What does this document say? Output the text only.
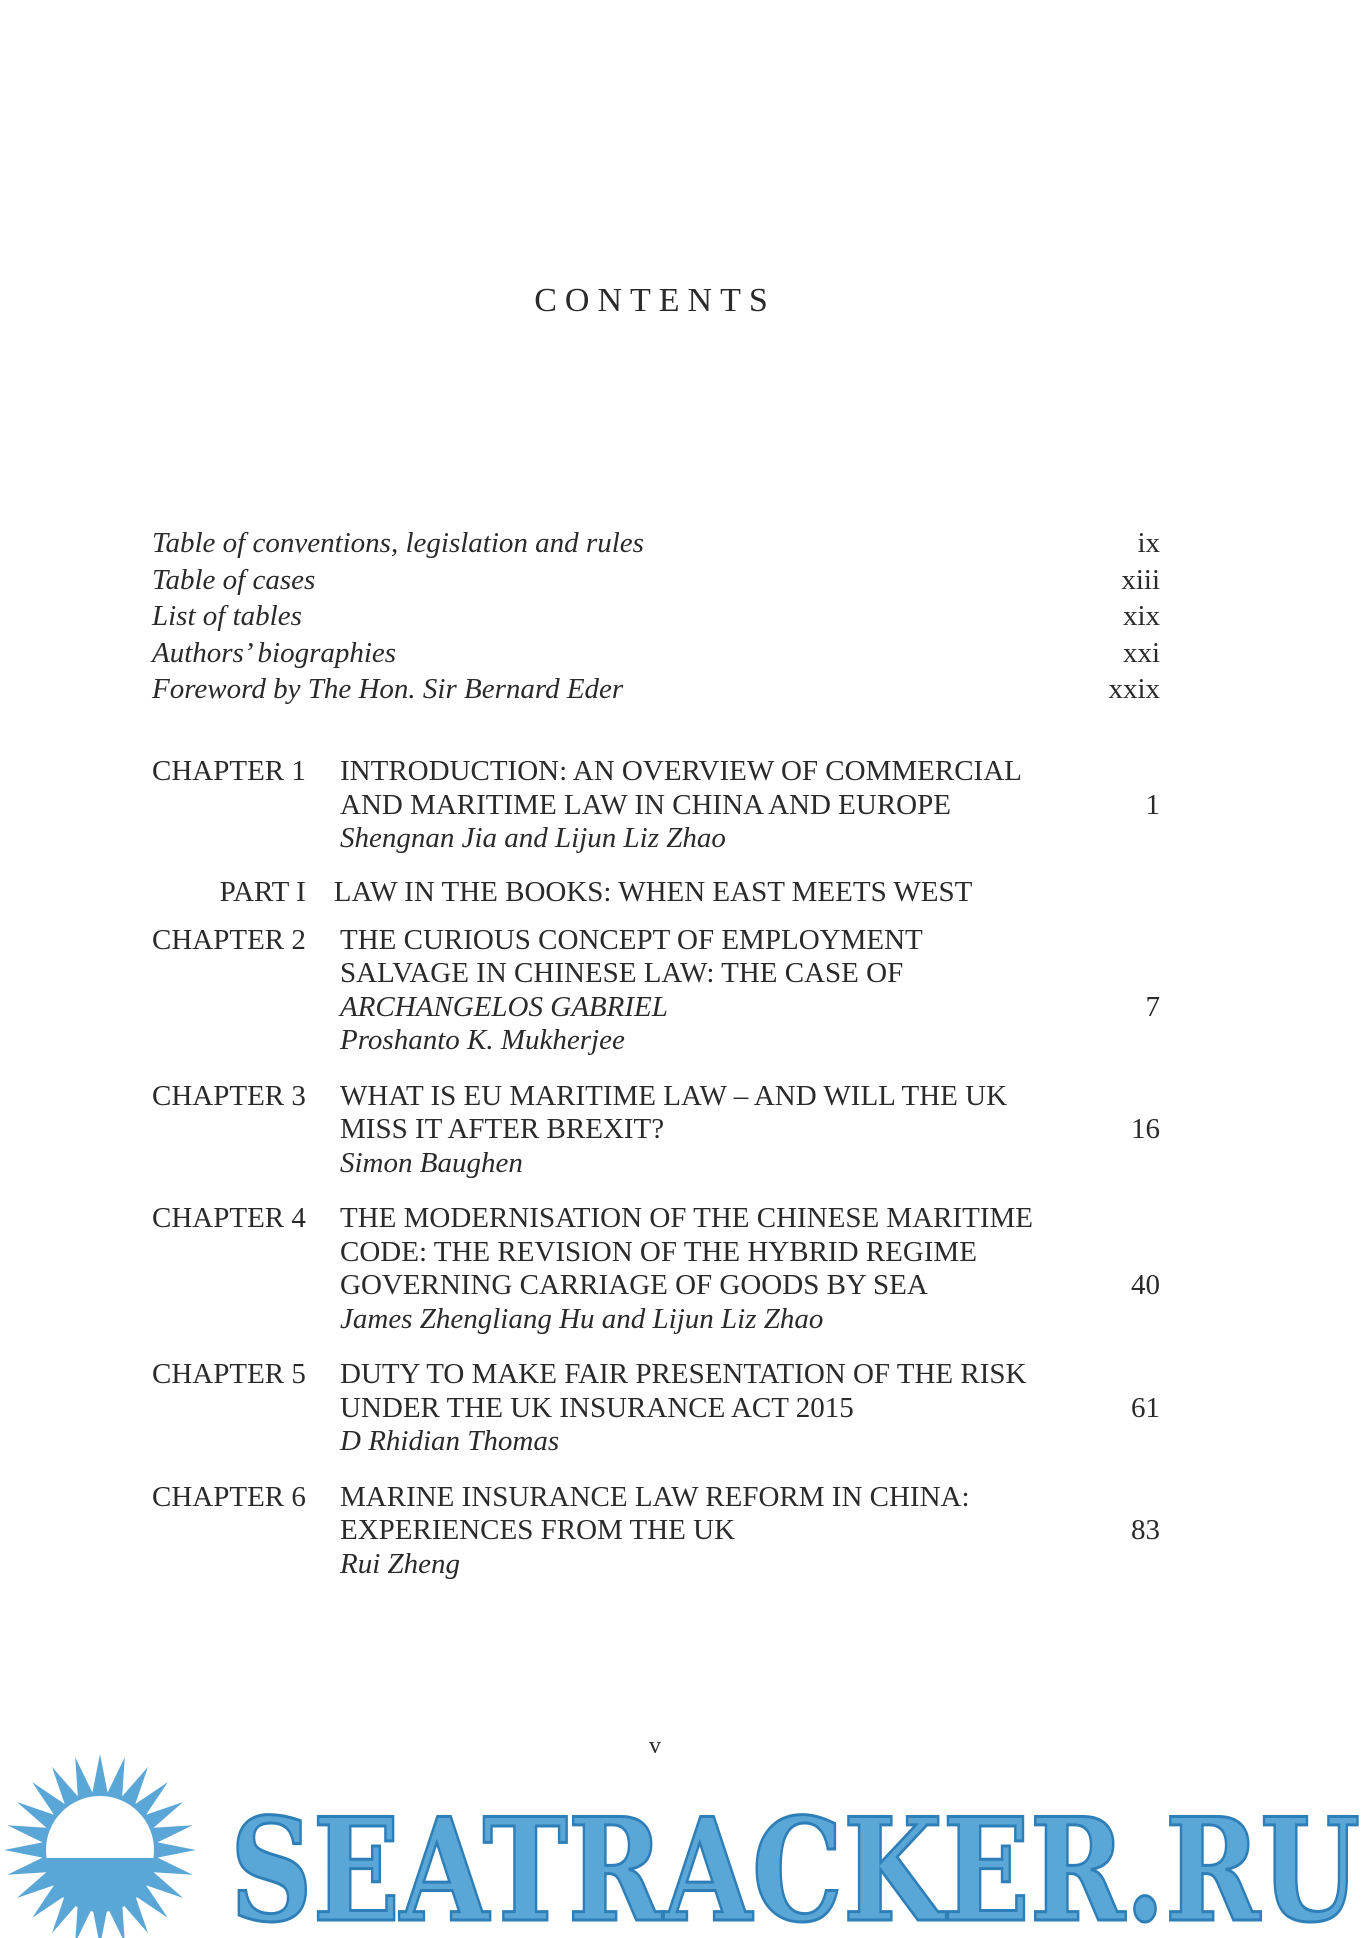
CONTENTS
Table of conventions, legislation and rules	ix
Table of cases	xiii
List of tables	xix
Authors’ biographies	xxi
Foreword by The Hon. Sir Bernard Eder	xxix
CHAPTER 1	INTRODUCTION: AN OVERVIEW OF COMMERCIAL
AND MARITIME LAW IN CHINA AND EUROPE	1
Shengnan Jia and Lijun Liz Zhao
PART I LAW IN THE BOOKS: WHEN EAST MEETS WEST
CHAPTER 2	THE CURIOUS CONCEPT OF EMPLOYMENT
SALVAGE IN CHINESE LAW: THE CASE OF
ARCHANGELOS GABRIEL	7
Proshanto K. Mukherjee
CHAPTER 3	WHAT IS EU MARITIME LAW – AND WILL THE UK
MISS IT AFTER BREXIT?	16
Simon Baughen
CHAPTER 4	THE MODERNISATION OF THE CHINESE MARITIME
CODE: THE REVISION OF THE HYBRID REGIME
GOVERNING CARRIAGE OF GOODS BY SEA	40
James Zhengliang Hu and Lijun Liz Zhao
CHAPTER 5	DUTY TO MAKE FAIR PRESENTATION OF THE RISK
UNDER THE UK INSURANCE ACT 2015	61
D Rhidian Thomas
CHAPTER 6	MARINE INSURANCE LAW REFORM IN CHINA:
EXPERIENCES FROM THE UK	83
Rui Zheng
v
SEATRACKER.RU
